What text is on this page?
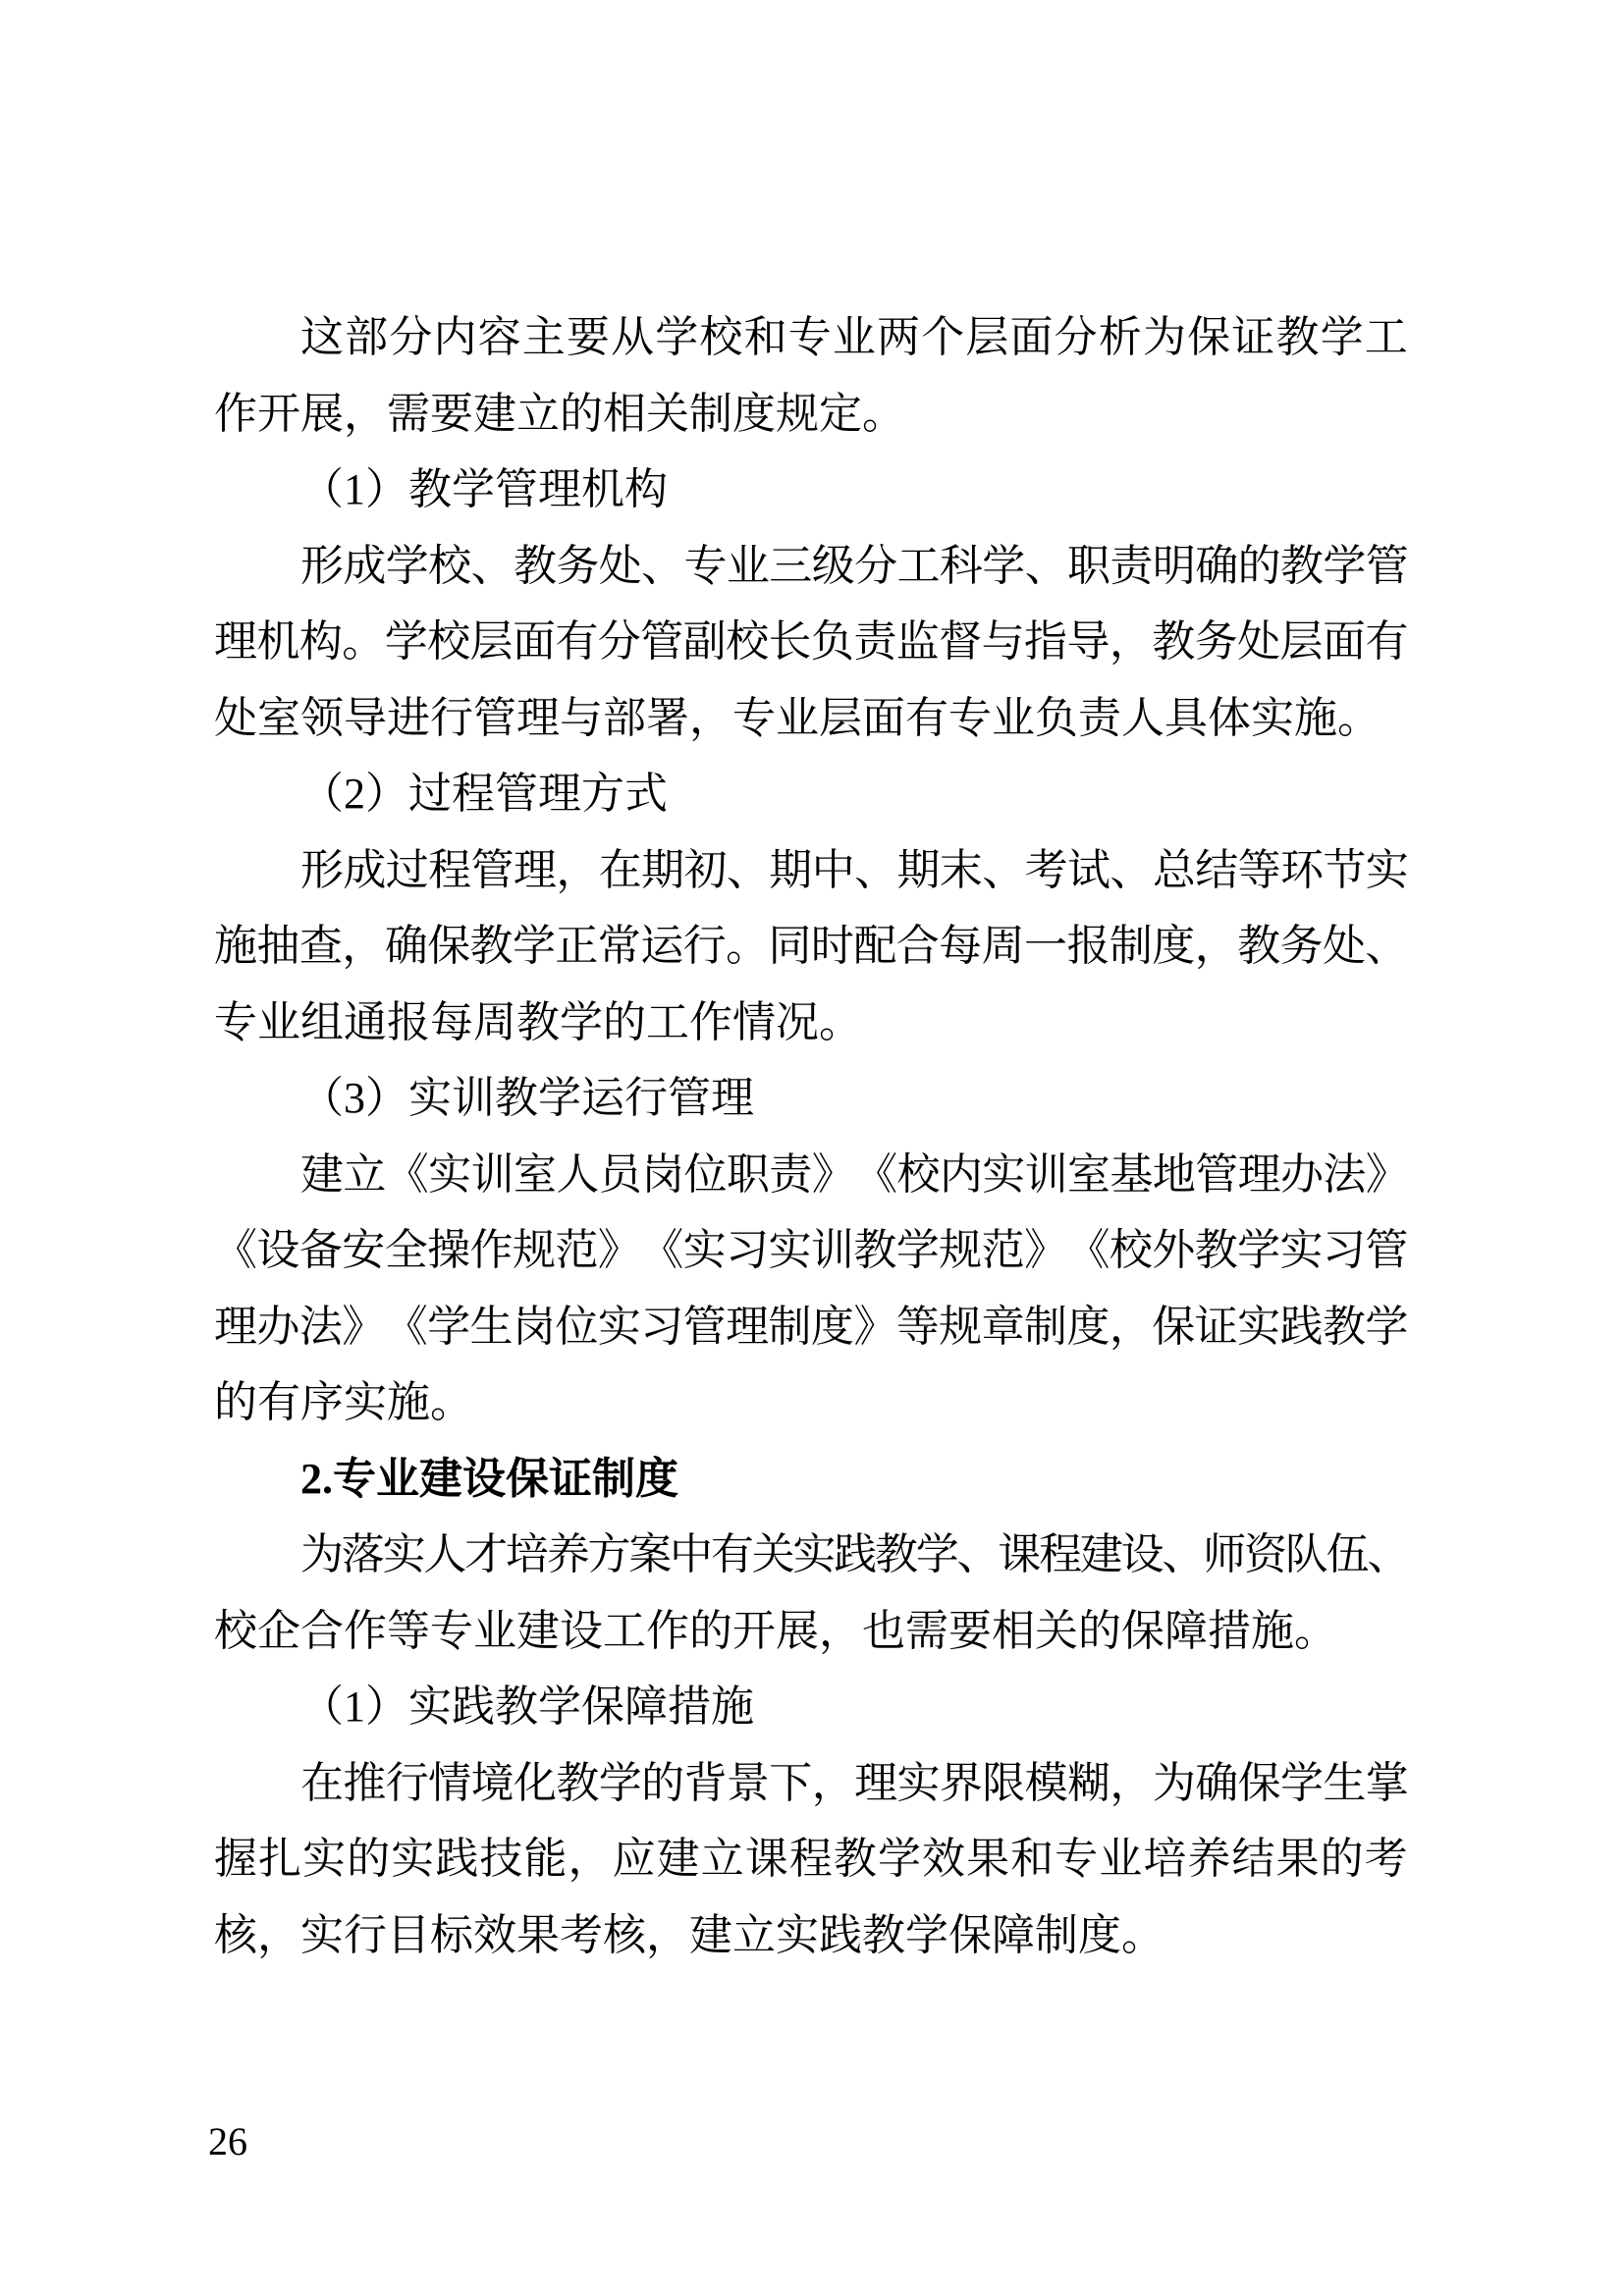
这 部 分 内 容 主 要 从 学 校 和 专 业 两 个 层 面 分 析 为 保 证 教 学 工
作开展，需要建立的相关制度规定。
（1）教学管理机构
形 成 学 校 、 教 务 处 、 专 业 三 级 分 工 科 学 、 职 责 明 确 的 教 学 管
理 机 构 。 学 校 层 面 有 分 管 副 校 长 负 责 监 督 与 指 导 ， 教 务 处 层 面 有
处室领导进行管理与部署，专业层面有专业负责人具体实施。
（2）过程管理方式
形 成 过 程 管 理 ， 在 期 初 、 期 中 、 期 末 、 考 试 、 总 结 等 环 节 实
施 抽 查 ， 确 保 教 学 正 常 运 行 。 同 时 配 合 每 周 一 报 制 度 ， 教 务 处 、
专业组通报每周教学的工作情况。
（3）实训教学运行管理
建 立 《 实 训 室 人 员 岗 位 职 责 》 《 校 内 实 训 室 基 地 管 理 办 法 》
《 设 备 安 全 操 作 规 范 》 《 实 习 实 训 教 学 规 范 》 《 校 外 教 学 实 习 管
理 办 法 》 《 学 生 岗 位 实 习 管 理 制 度 》 等 规 章 制 度 ， 保 证 实 践 教 学
的有序实施。
2.专业建设保证制度
为
落
实
人
才
培
养
方
案
中
有
关
实
践
教
学
、
课
程
建
设
、
师
资
队
伍
、
校企合作等专业建设工作的开展，也需要相关的保障措施。
（1）实践教学保障措施
在 推 行 情 境 化 教 学 的 背 景 下 ， 理 实 界 限 模 糊 ， 为 确 保 学 生 掌
握 扎 实 的 实 践 技 能 ， 应 建 立 课 程 教 学 效 果 和 专 业 培 养 结 果 的 考
核，实行目标效果考核，建立实践教学保障制度。
26
